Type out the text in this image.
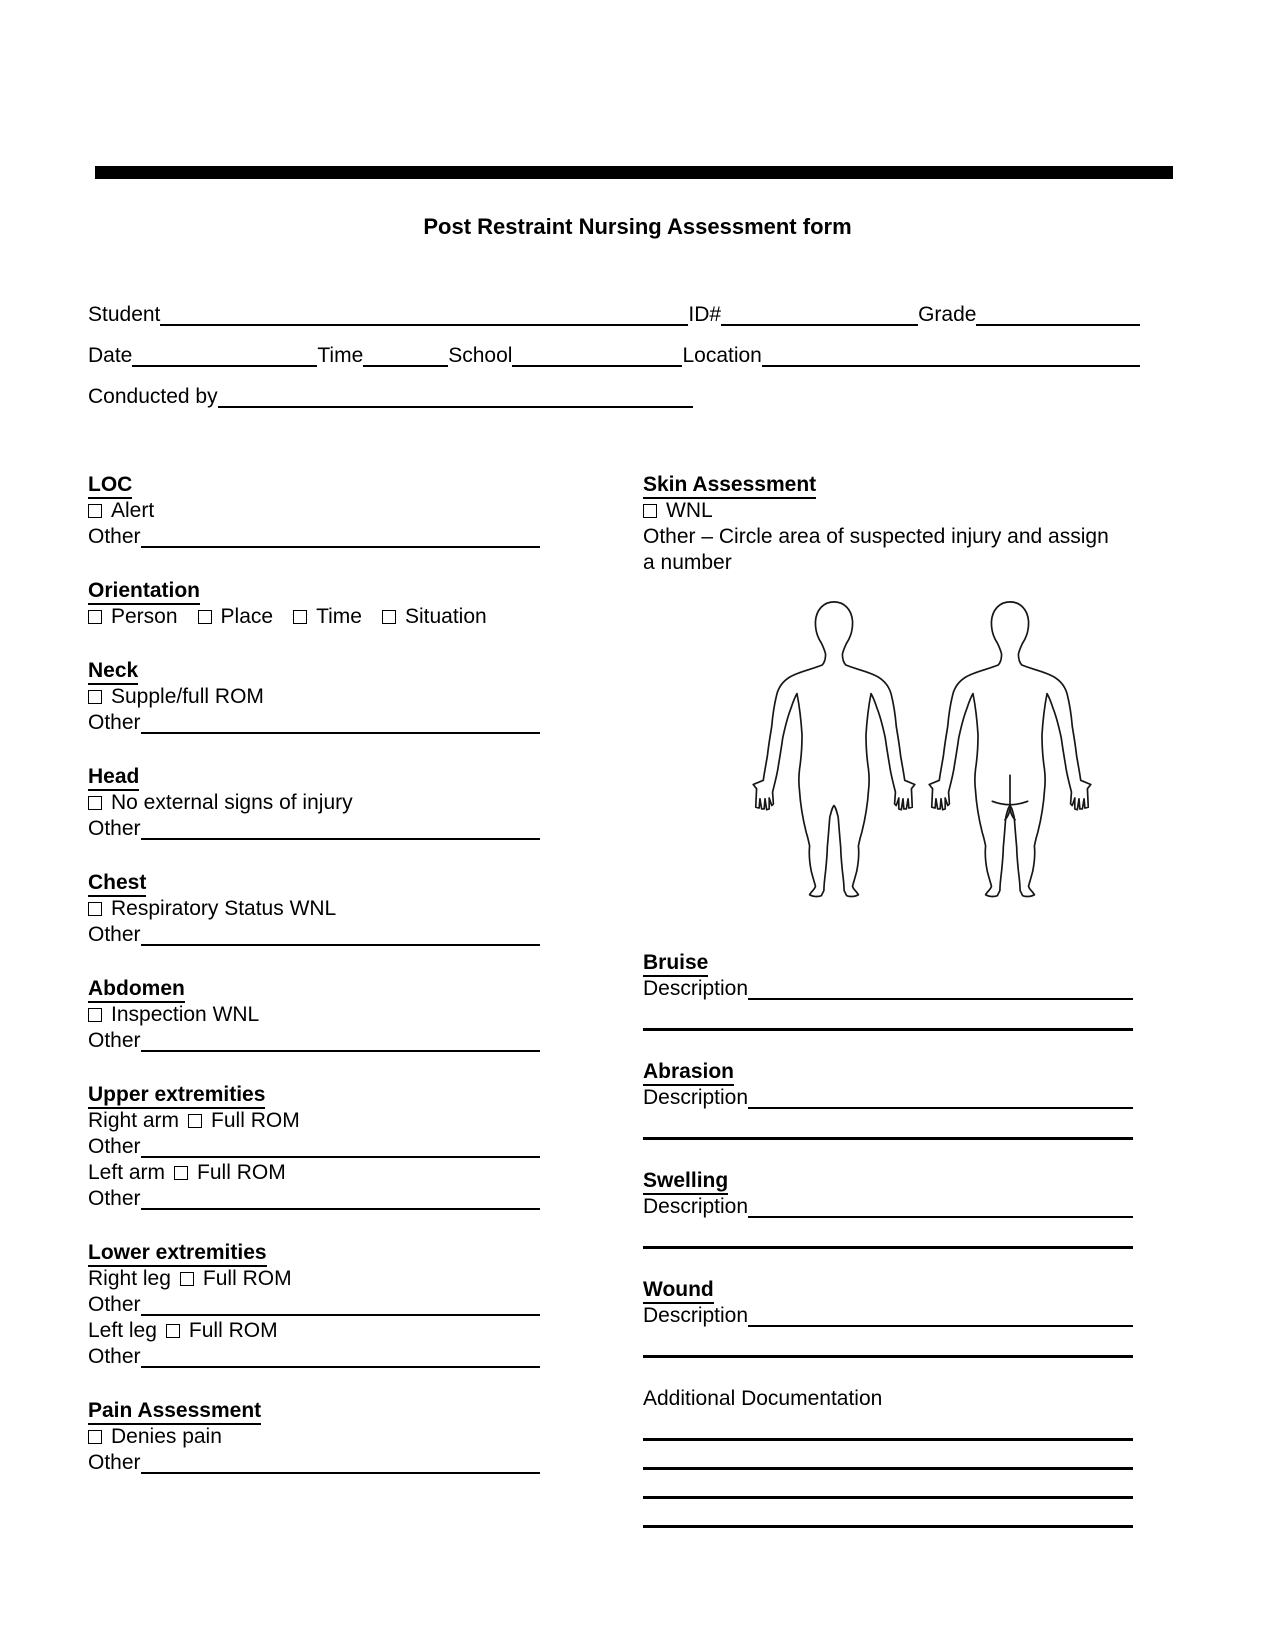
Post Restraint Nursing Assessment form
Student	ID#	Grade
Date	Time	School	Location
Conducted by
LOC
Alert
Other
Orientation
Person Place Time Situation
Neck
Supple/full ROM
Other
Head
No external signs of injury
Other
Chest
Respiratory Status WNL
Other
Abdomen
Inspection WNL
Other
Upper extremities
Right arm Full ROM
Other
Left arm Full ROM
Other
Lower extremities
Right leg Full ROM
Other
Left leg Full ROM
Other
Pain Assessment
Denies pain
Other
Skin Assessment
WNL
Other – Circle area of suspected injury and assign a number
Bruise
Description
Abrasion
Description
Swelling
Description
Wound
Description
Additional Documentation
